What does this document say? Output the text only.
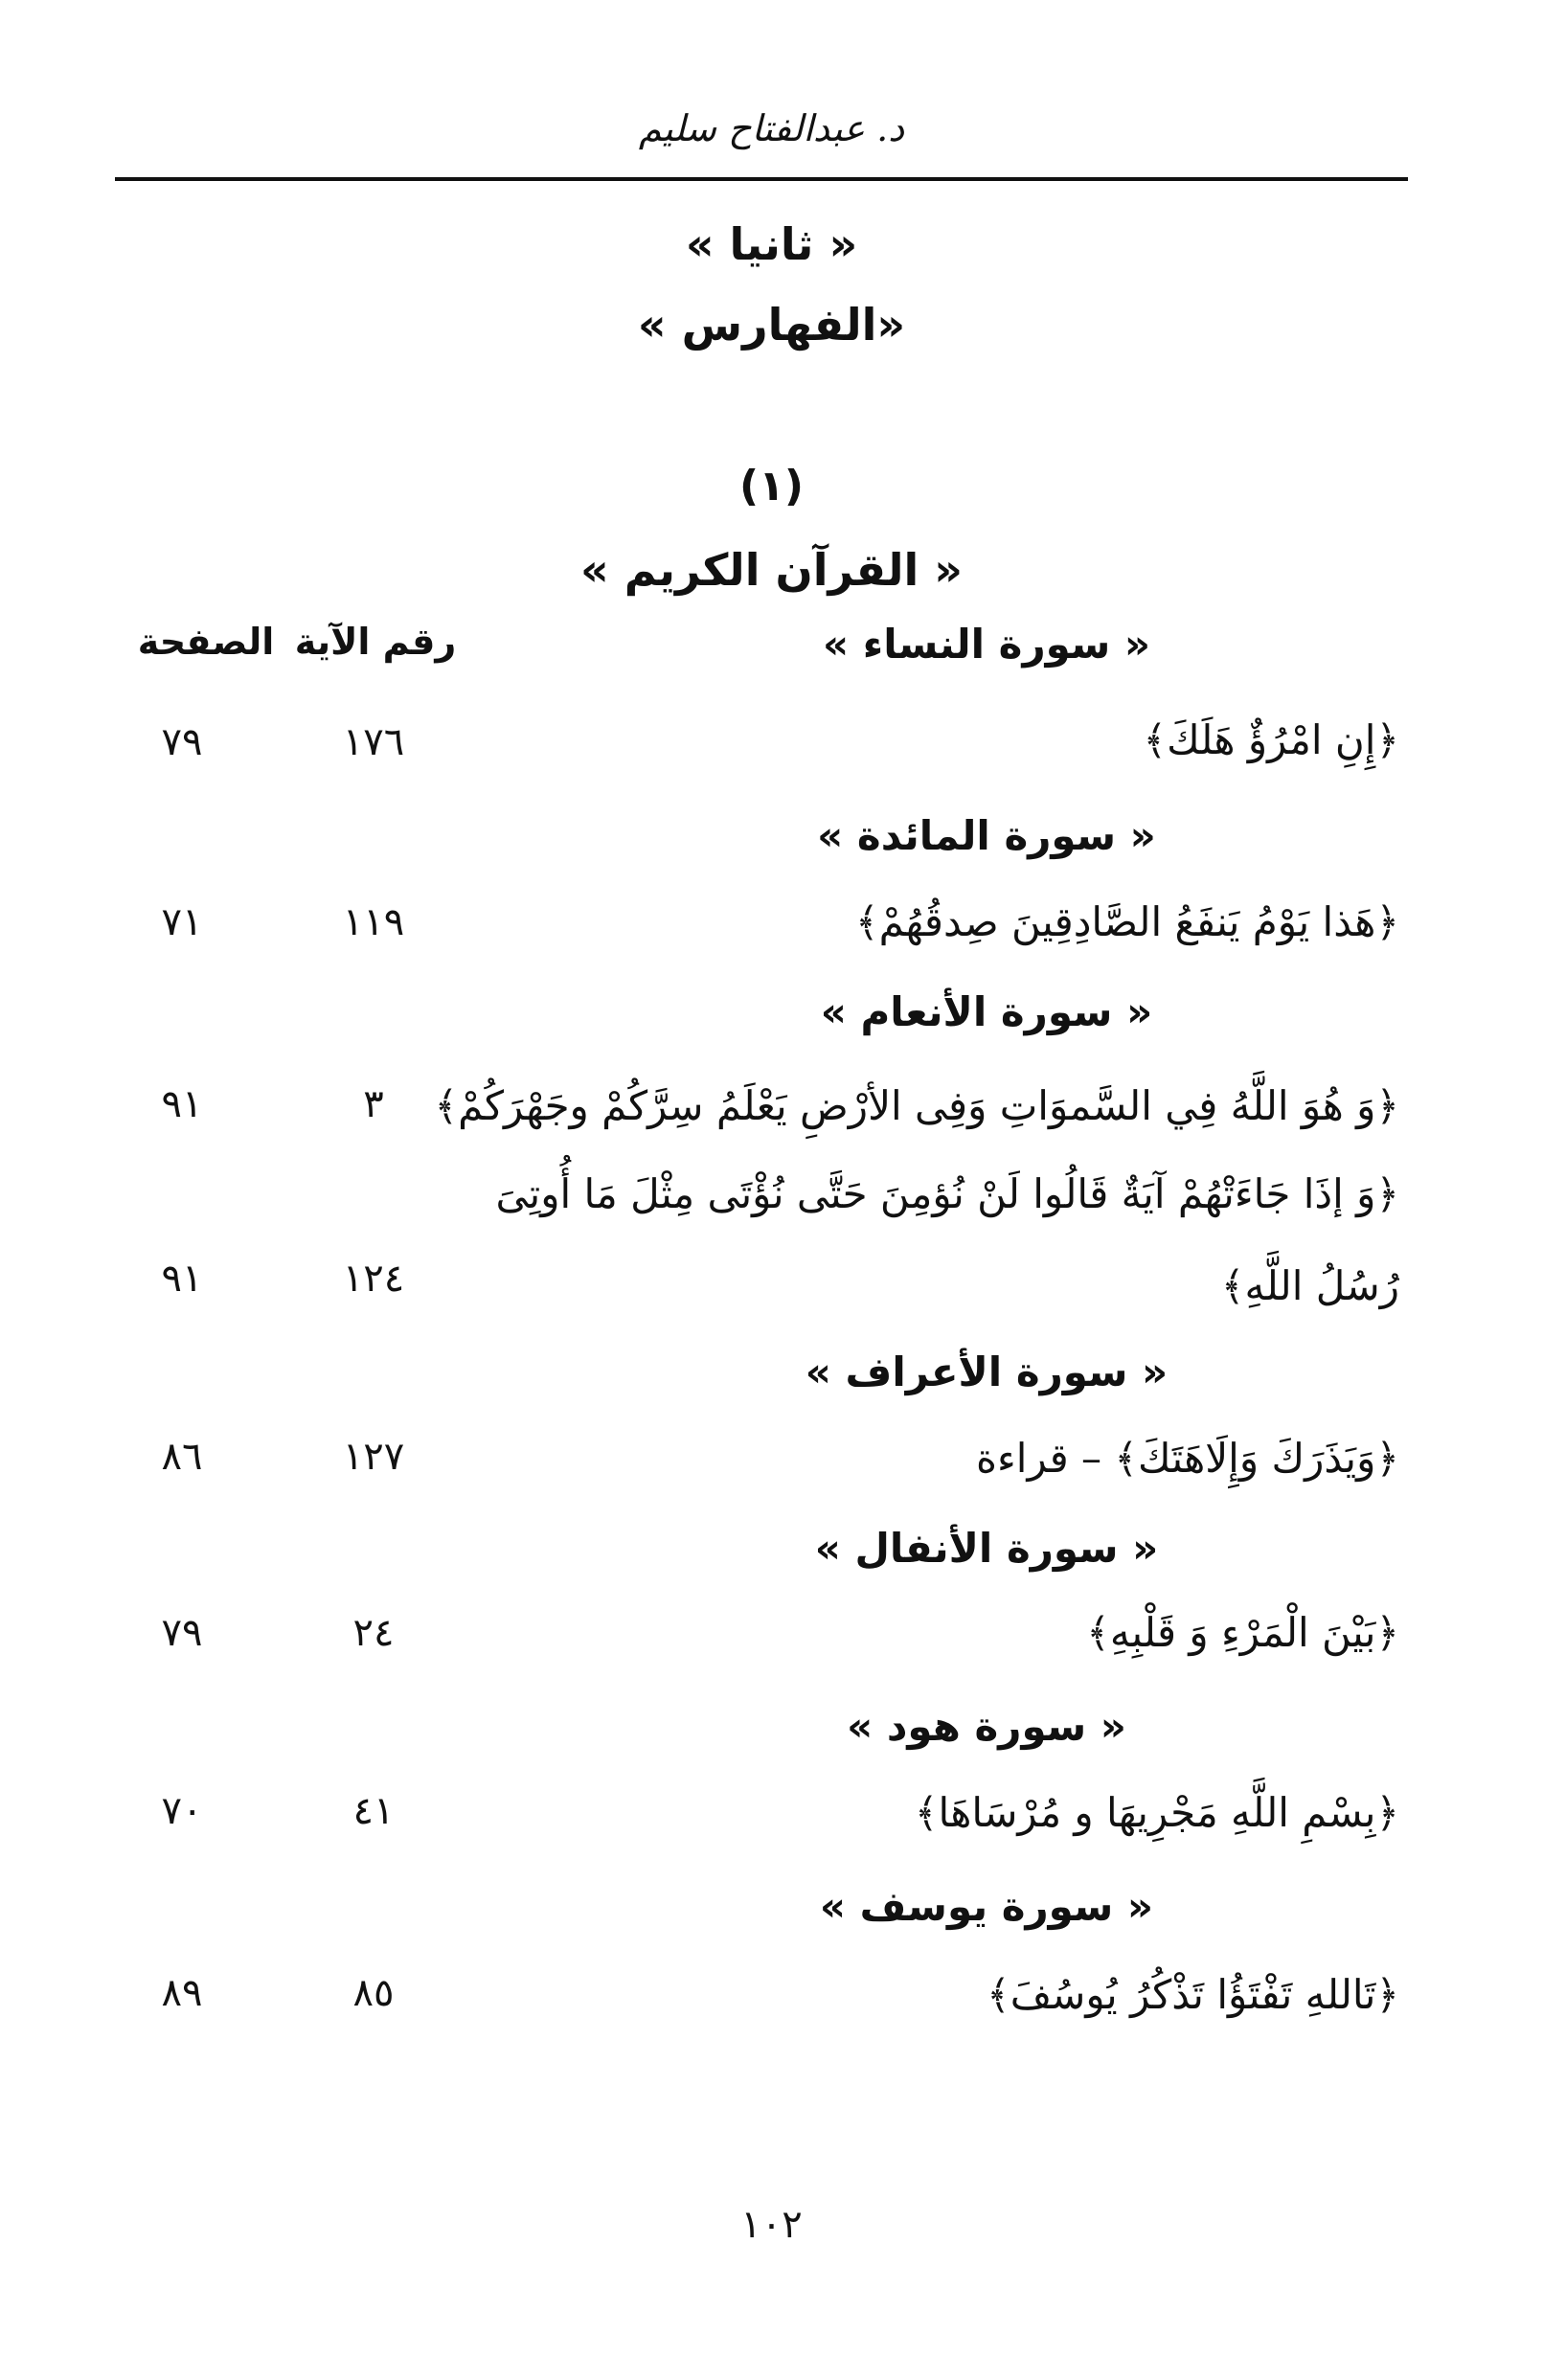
د. عبدالفتاح سليم
« ثانيا »
«الفهارس »
(١)
« القرآن الكريم »
رقم الآية
الصفحة	« سورة النساء »
﴿إِنِ امْرُؤٌ هَلَكَ﴾
١٧٦
٧٩
« سورة المائدة »
﴿هَذا يَوْمُ يَنفَعُ الصَّادِقِينَ صِدقُهُمْ﴾
١١٩
٧١
« سورة الأنعام »
﴿وَ هُوَ اللَّهُ فِي السَّموَاتِ وَفِى الأرْضِ يَعْلَمُ سِرَّكُمْ وجَهْرَكُمْ﴾
٣
٩١
﴿وَ إذَا جَاءَتْهُمْ آيَةٌ قَالُوا لَنْ نُؤمِنَ حَتَّى نُؤْتَى مِثْلَ مَا أُوتِىَ
رُسُلُ اللَّهِ﴾
١٢٤
٩١
« سورة الأعراف »
﴿وَيَذَرَكَ وَإِلَاهَتَكَ﴾ – قراءة
١٢٧
٨٦
« سورة الأنفال »
﴿بَيْنَ الْمَرْءِ وَ قَلْبِهِ﴾
٢٤
٧٩
« سورة هود »
﴿بِسْمِ اللَّهِ مَجْرِيهَا و مُرْسَاهَا﴾
٤١
٧٠
« سورة يوسف »
﴿تَاللهِ تَفْتَؤُا تَذْكُرُ يُوسُفَ﴾
٨٥
٨٩
١٠٢
